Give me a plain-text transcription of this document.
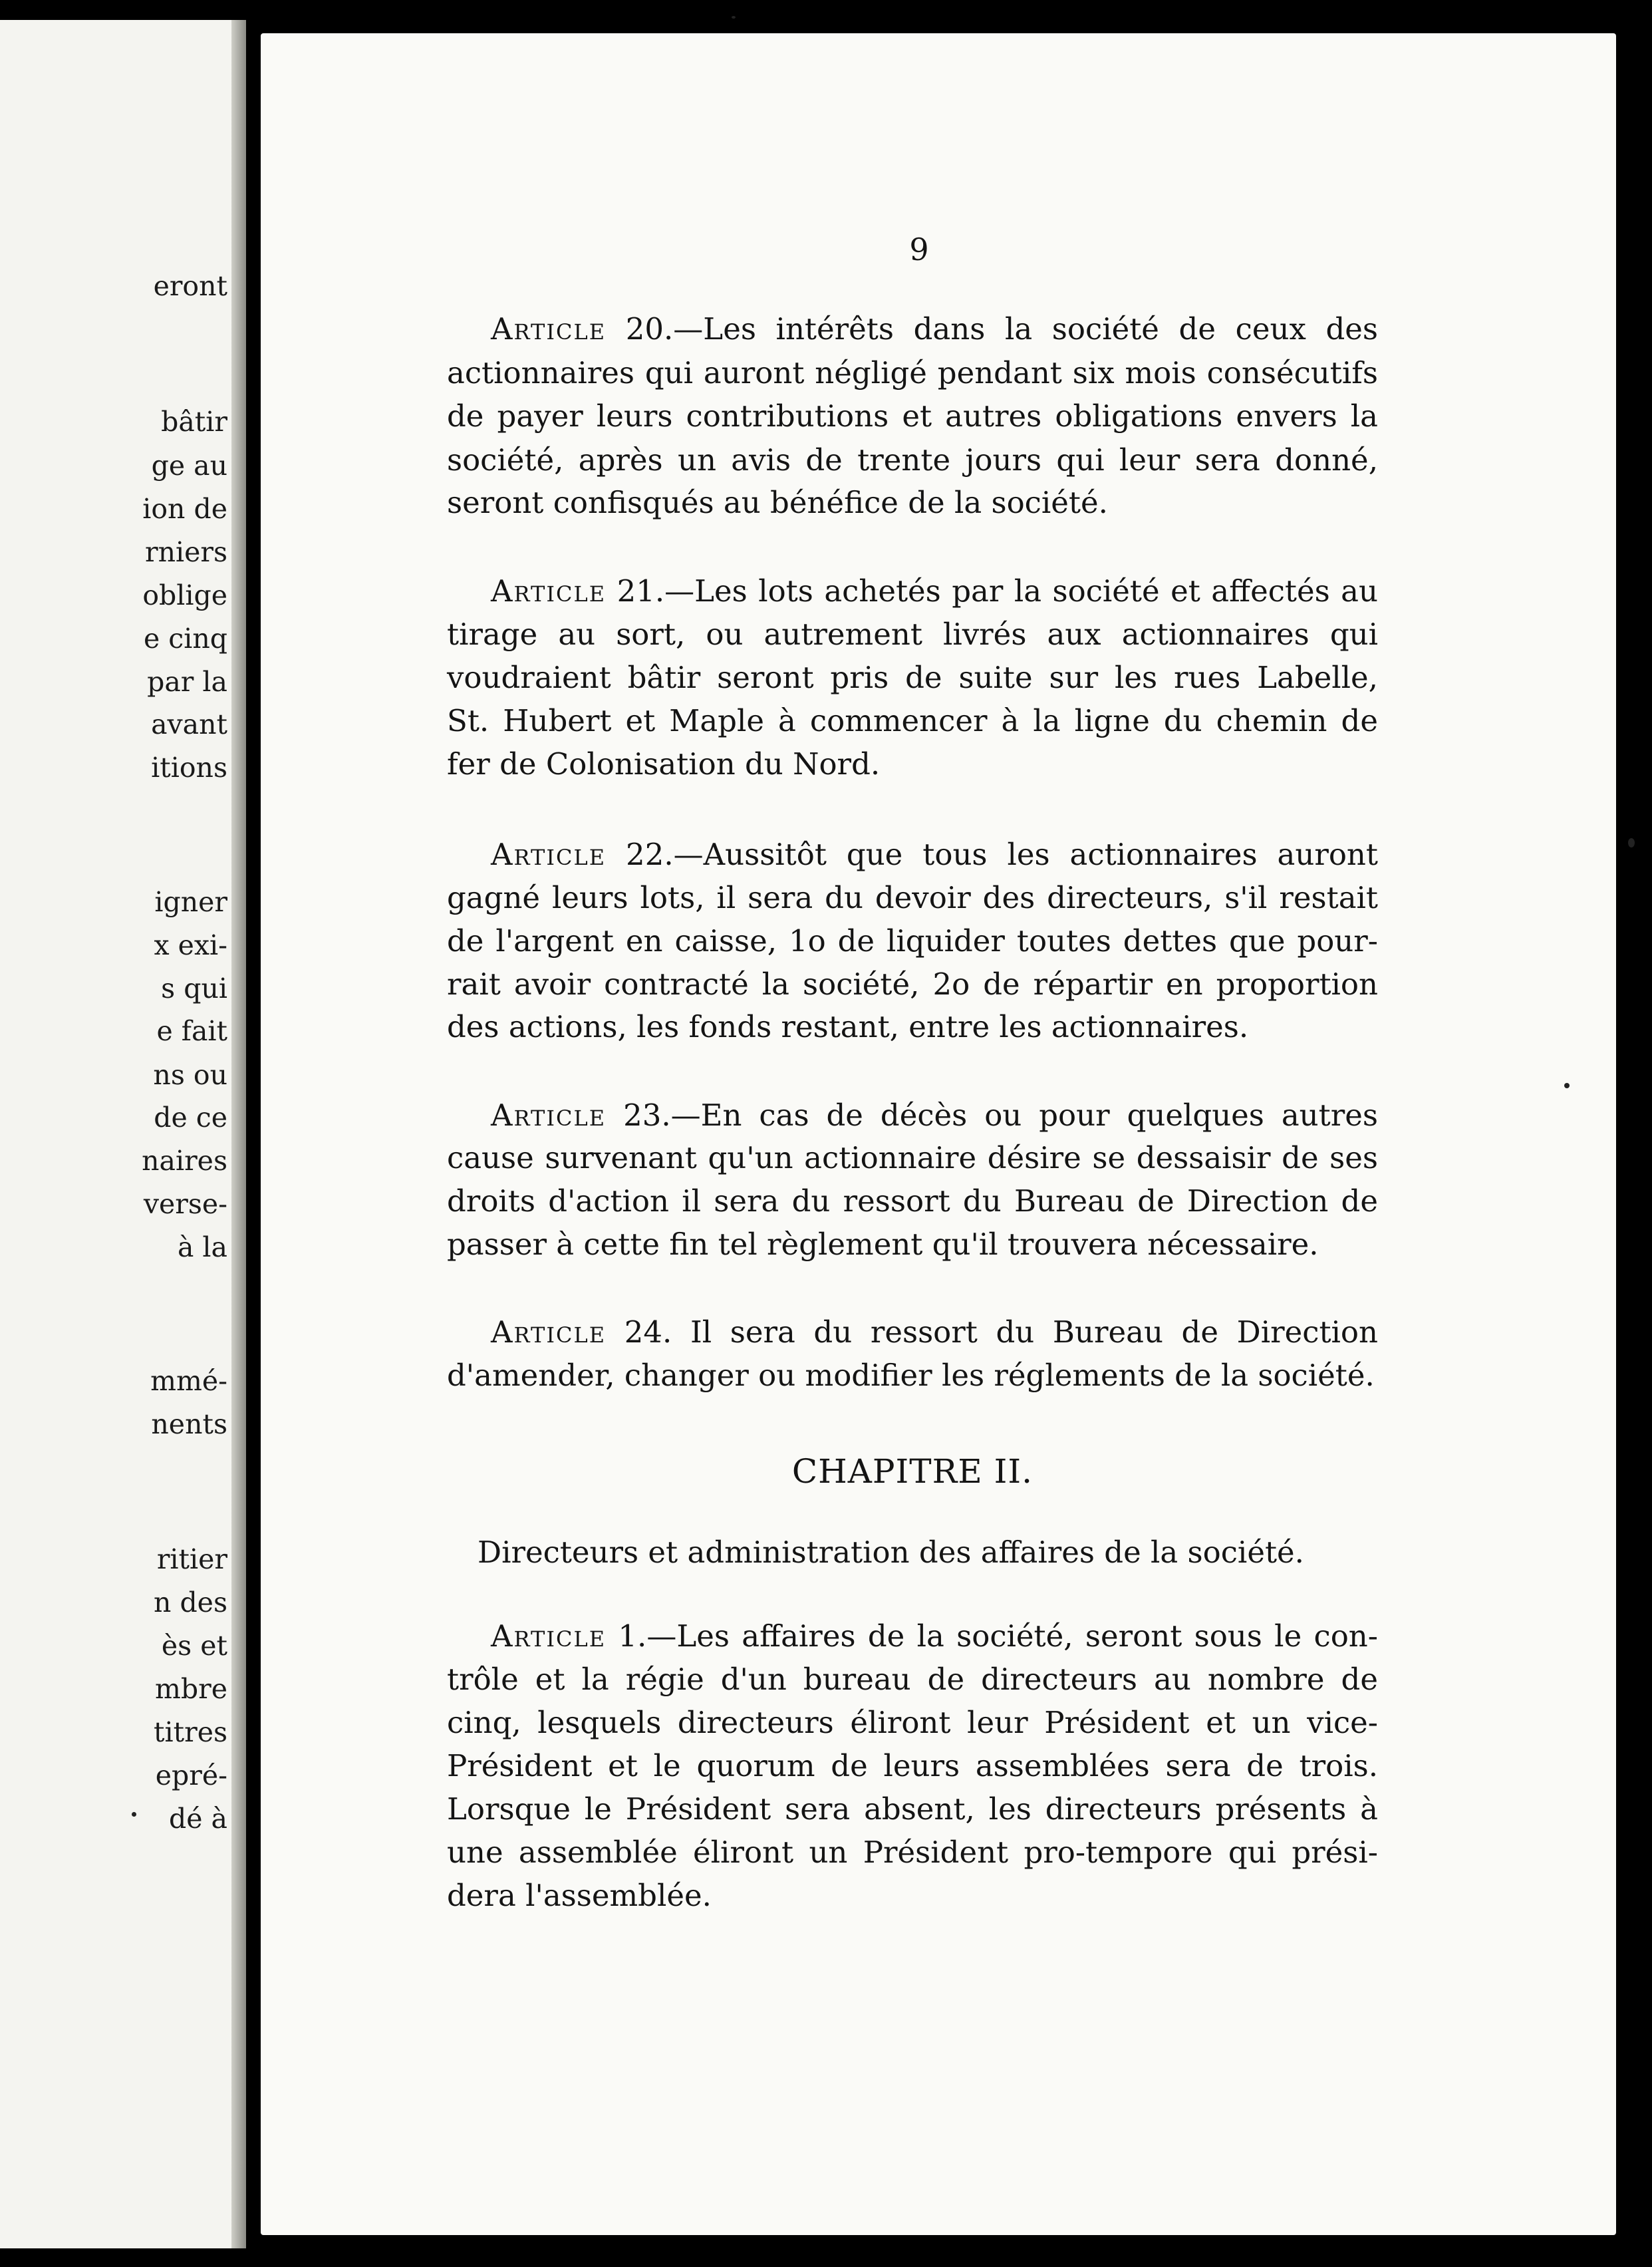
eront
bâtir
ge au
ion de
rniers
oblige
e cinq
par la
avant
itions
igner
x exi-
s qui
e fait
ns ou
de ce
naires
verse-
à la
mmé-
nents
ritier
n des
ès et
mbre
titres
epré-
dé à
9
Article 20.—Les intérêts dans la société de ceux des
actionnaires qui auront négligé pendant six mois consécutifs
de payer leurs contributions et autres obligations envers la
société, après un avis de trente jours qui leur sera donné,
seront confisqués au bénéfice de la société.
Article 21.—Les lots achetés par la société et affectés au
tirage au sort, ou autrement livrés aux actionnaires qui
voudraient bâtir seront pris de suite sur les rues Labelle,
St. Hubert et Maple à commencer à la ligne du chemin de
fer de Colonisation du Nord.
Article 22.—Aussitôt que tous les actionnaires auront
gagné leurs lots, il sera du devoir des directeurs, s'il restait
de l'argent en caisse, 1o de liquider toutes dettes que pour-
rait avoir contracté la société, 2o de répartir en proportion
des actions, les fonds restant, entre les actionnaires.
Article 23.—En cas de décès ou pour quelques autres
cause survenant qu'un actionnaire désire se dessaisir de ses
droits d'action il sera du ressort du Bureau de Direction de
passer à cette fin tel règlement qu'il trouvera nécessaire.
Article 24. Il sera du ressort du Bureau de Direction
d'amender, changer ou modifier les réglements de la société.
CHAPITRE II.
Directeurs et administration des affaires de la société.
Article 1.—Les affaires de la société, seront sous le con-
trôle et la régie d'un bureau de directeurs au nombre de
cinq, lesquels directeurs éliront leur Président et un vice-
Président et le quorum de leurs assemblées sera de trois.
Lorsque le Président sera absent, les directeurs présents à
une assemblée éliront un Président pro-tempore qui prési-
dera l'assemblée.
